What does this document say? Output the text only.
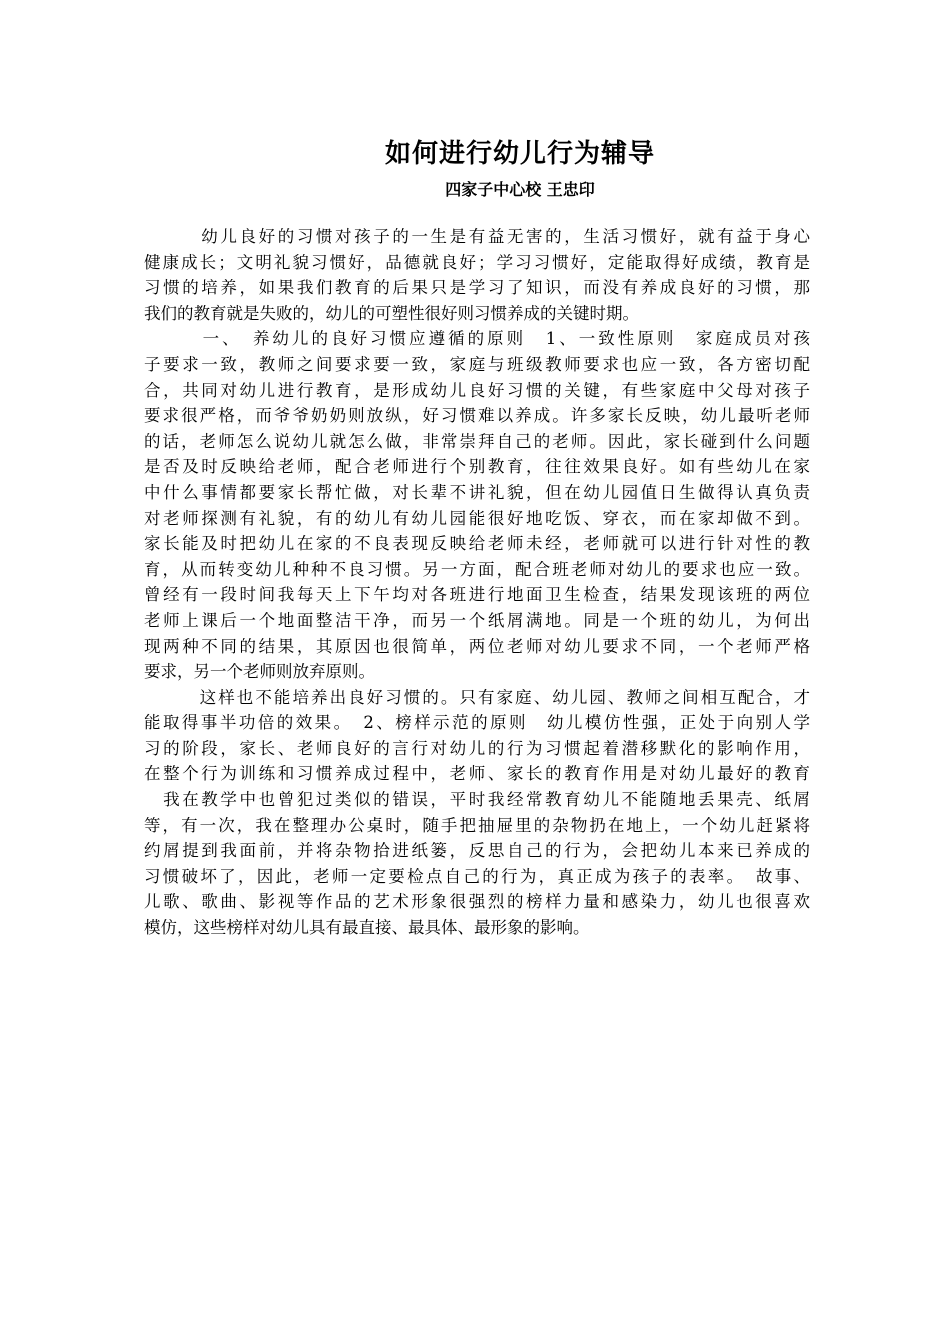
如何进行幼儿行为辅导
四家子中心校 王忠印
　　　幼儿良好的习惯对孩子的一生是有益无害的，生活习惯好，就有益于身心
健康成长；文明礼貌习惯好，品德就良好；学习习惯好，定能取得好成绩，教育是
习惯的培养，如果我们教育的后果只是学习了知识，而没有养成良好的习惯，那
我们的教育就是失败的，幼儿的可塑性很好则习惯养成的关键时期。
　　　一、　养幼儿的良好习惯应遵循的原则　1、一致性原则　家庭成员对孩
子要求一致，教师之间要求要一致，家庭与班级教师要求也应一致，各方密切配
合，共同对幼儿进行教育，是形成幼儿良好习惯的关键，有些家庭中父母对孩子
要求很严格，而爷爷奶奶则放纵，好习惯难以养成。许多家长反映，幼儿最听老师
的话，老师怎么说幼儿就怎么做，非常崇拜自己的老师。因此，家长碰到什么问题
是否及时反映给老师，配合老师进行个别教育，往往效果良好。如有些幼儿在家
中什么事情都要家长帮忙做，对长辈不讲礼貌，但在幼儿园值日生做得认真负责
对老师探测有礼貌，有的幼儿有幼儿园能很好地吃饭、穿衣，而在家却做不到。
家长能及时把幼儿在家的不良表现反映给老师未经，老师就可以进行针对性的教
育，从而转变幼儿种种不良习惯。另一方面，配合班老师对幼儿的要求也应一致。
曾经有一段时间我每天上下午均对各班进行地面卫生检查，结果发现该班的两位
老师上课后一个地面整洁干净，而另一个纸屑满地。同是一个班的幼儿，为何出
现两种不同的结果，其原因也很简单，两位老师对幼儿要求不同，一个老师严格
要求，另一个老师则放弃原则。
　　　这样也不能培养出良好习惯的。只有家庭、幼儿园、教师之间相互配合，才
能取得事半功倍的效果。　2、榜样示范的原则　幼儿模仿性强，正处于向别人学
习的阶段，家长、老师良好的言行对幼儿的行为习惯起着潜移默化的影响作用，
在整个行为训练和习惯养成过程中，老师、家长的教育作用是对幼儿最好的教育
　我在教学中也曾犯过类似的错误，平时我经常教育幼儿不能随地丢果壳、纸屑
等，有一次，我在整理办公桌时，随手把抽屉里的杂物扔在地上，一个幼儿赶紧将
约屑提到我面前，并将杂物拾进纸篓，反思自己的行为，会把幼儿本来已养成的
习惯破坏了，因此，老师一定要检点自己的行为，真正成为孩子的表率。　故事、
儿歌、歌曲、影视等作品的艺术形象很强烈的榜样力量和感染力，幼儿也很喜欢
模仿，这些榜样对幼儿具有最直接、最具体、最形象的影响。
